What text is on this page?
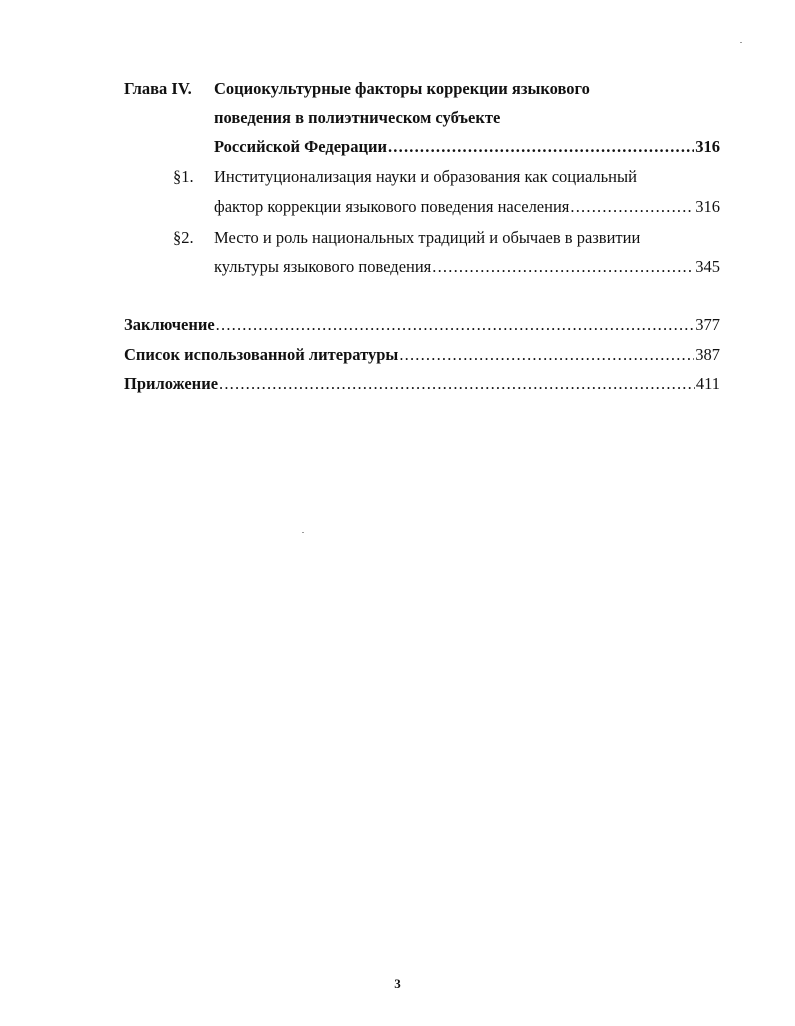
Глава IV. Социокультурные факторы коррекции языкового
поведения в полиэтническом субъекте
Российской Федерации .....	316
§1. Институционализация науки и образования как социальный
фактор коррекции языкового поведения населения .....	316
§2. Место и роль национальных традиций и обычаев в развитии
культуры языкового поведения .....	345
Заключение .....	377
Список использованной литературы .....	387
Приложение .....	411
3
